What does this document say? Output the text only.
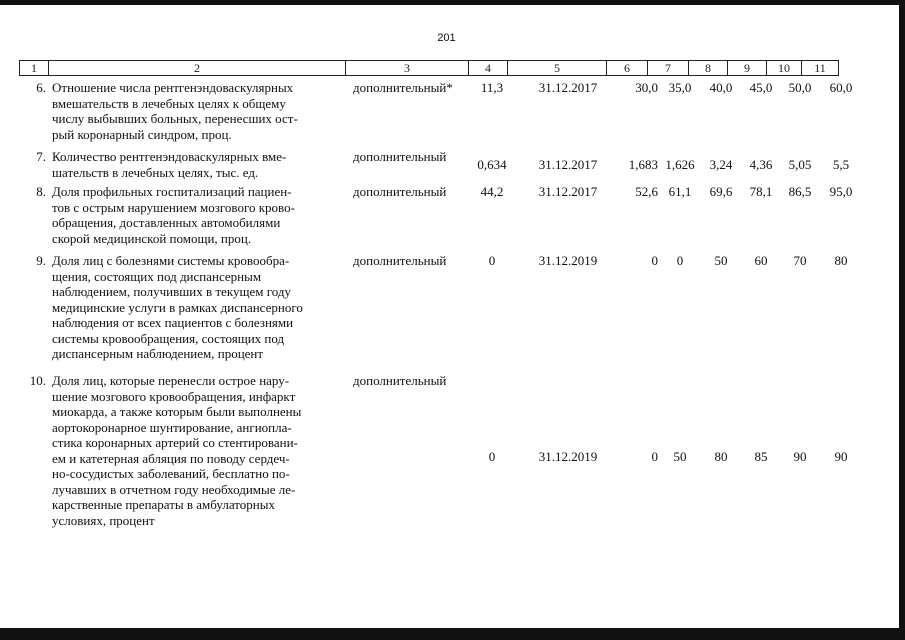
201
1	2	3	4	5	6	7	8	9	10	11
6. Отношение числа рентгенэндоваскулярных
вмешательств в лечебных целях к общему
числу выбывших больных, перенесших ост-
рый коронарный синдром, проц.
дополнительный*	11,3	31.12.2017	30,0 35,0	40,0	45,0	50,0	60,0
7. Количество рентгенэндоваскулярных вме-
шательств в лечебных целях, тыс. ед.
дополнительный
0,634	31.12.2017	1,683 1,626	3,24	4,36	5,05	5,5
8. Доля профильных госпитализаций пациен-
тов с острым нарушением мозгового крово-
обращения, доставленных автомобилями
скорой медицинской помощи, проц.
дополнительный	44,2	31.12.2017	52,6 61,1	69,6	78,1	86,5	95,0
9. Доля лиц с болезнями системы кровообра-
щения, состоящих под диспансерным
наблюдением, получивших в текущем году
медицинские услуги в рамках диспансерного
наблюдения от всех пациентов с болезнями
системы кровообращения, состоящих под
диспансерным наблюдением, процент
дополнительный	0	31.12.2019	0	0	50	60	70	80
10. Доля лиц, которые перенесли острое нару-
шение мозгового кровообращения, инфаркт
миокарда, а также которым были выполнены
аортокоронарное шунтирование, ангиопла-
стика коронарных артерий со стентировани-
ем и катетерная абляция по поводу сердеч-
но-сосудистых заболеваний, бесплатно по-
лучавших в отчетном году необходимые ле-
карственные препараты в амбулаторных
условиях, процент
дополнительный
0	31.12.2019	0	50	80	85	90	90
